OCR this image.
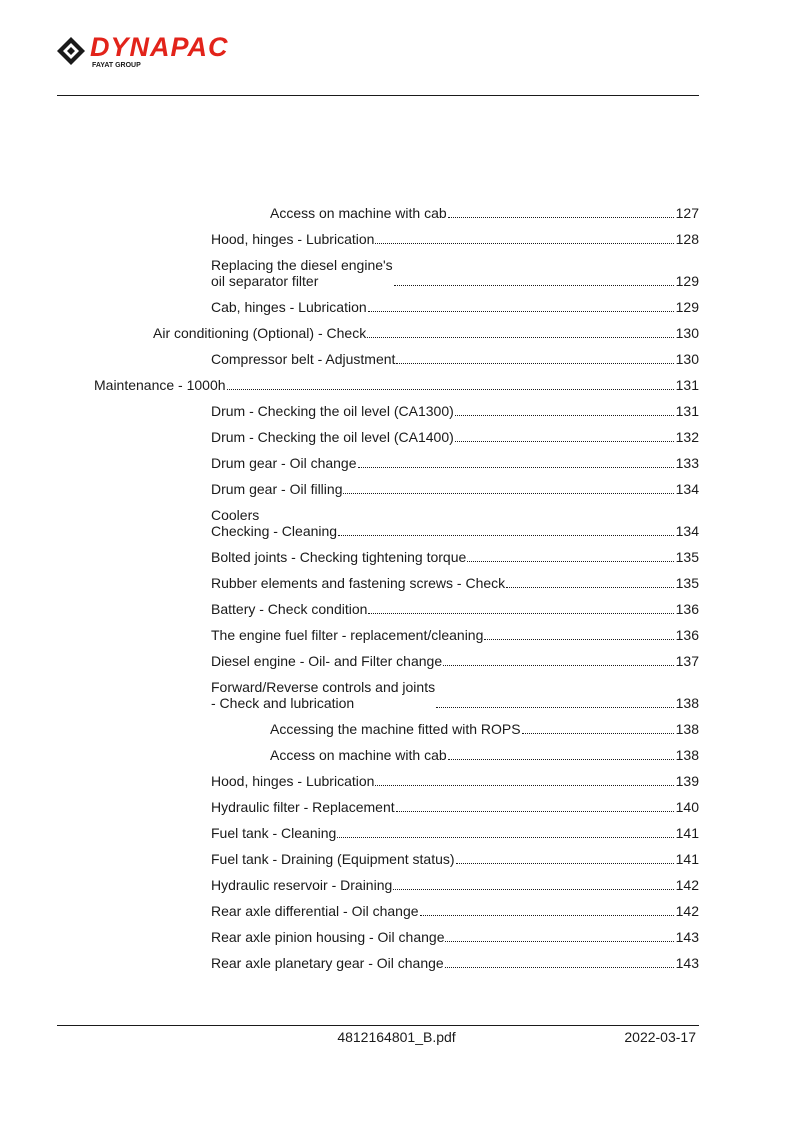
DYNAPAC
FAYAT GROUP
Access on machine with cab	127
Hood, hinges - Lubrication	128
Replacing the diesel engine's
oil separator filter	129
Cab, hinges - Lubrication	129
Air conditioning (Optional) - Check	130
Compressor belt - Adjustment	130
Maintenance - 1000h	131
Drum - Checking the oil level (CA1300)	131
Drum - Checking the oil level (CA1400)	132
Drum gear - Oil change	133
Drum gear - Oil filling	134
Coolers
Checking - Cleaning	134
Bolted joints - Checking tightening torque	135
Rubber elements and fastening screws - Check	135
Battery - Check condition	136
The engine fuel filter - replacement/cleaning	136
Diesel engine - Oil- and Filter change	137
Forward/Reverse controls and joints
- Check and lubrication	138
Accessing the machine fitted with ROPS	138
Access on machine with cab	138
Hood, hinges - Lubrication	139
Hydraulic filter - Replacement	140
Fuel tank - Cleaning	141
Fuel tank - Draining (Equipment status)	141
Hydraulic reservoir - Draining	142
Rear axle differential - Oil change	142
Rear axle pinion housing - Oil change	143
Rear axle planetary gear - Oil change	143
4812164801_B.pdf	2022-03-17
